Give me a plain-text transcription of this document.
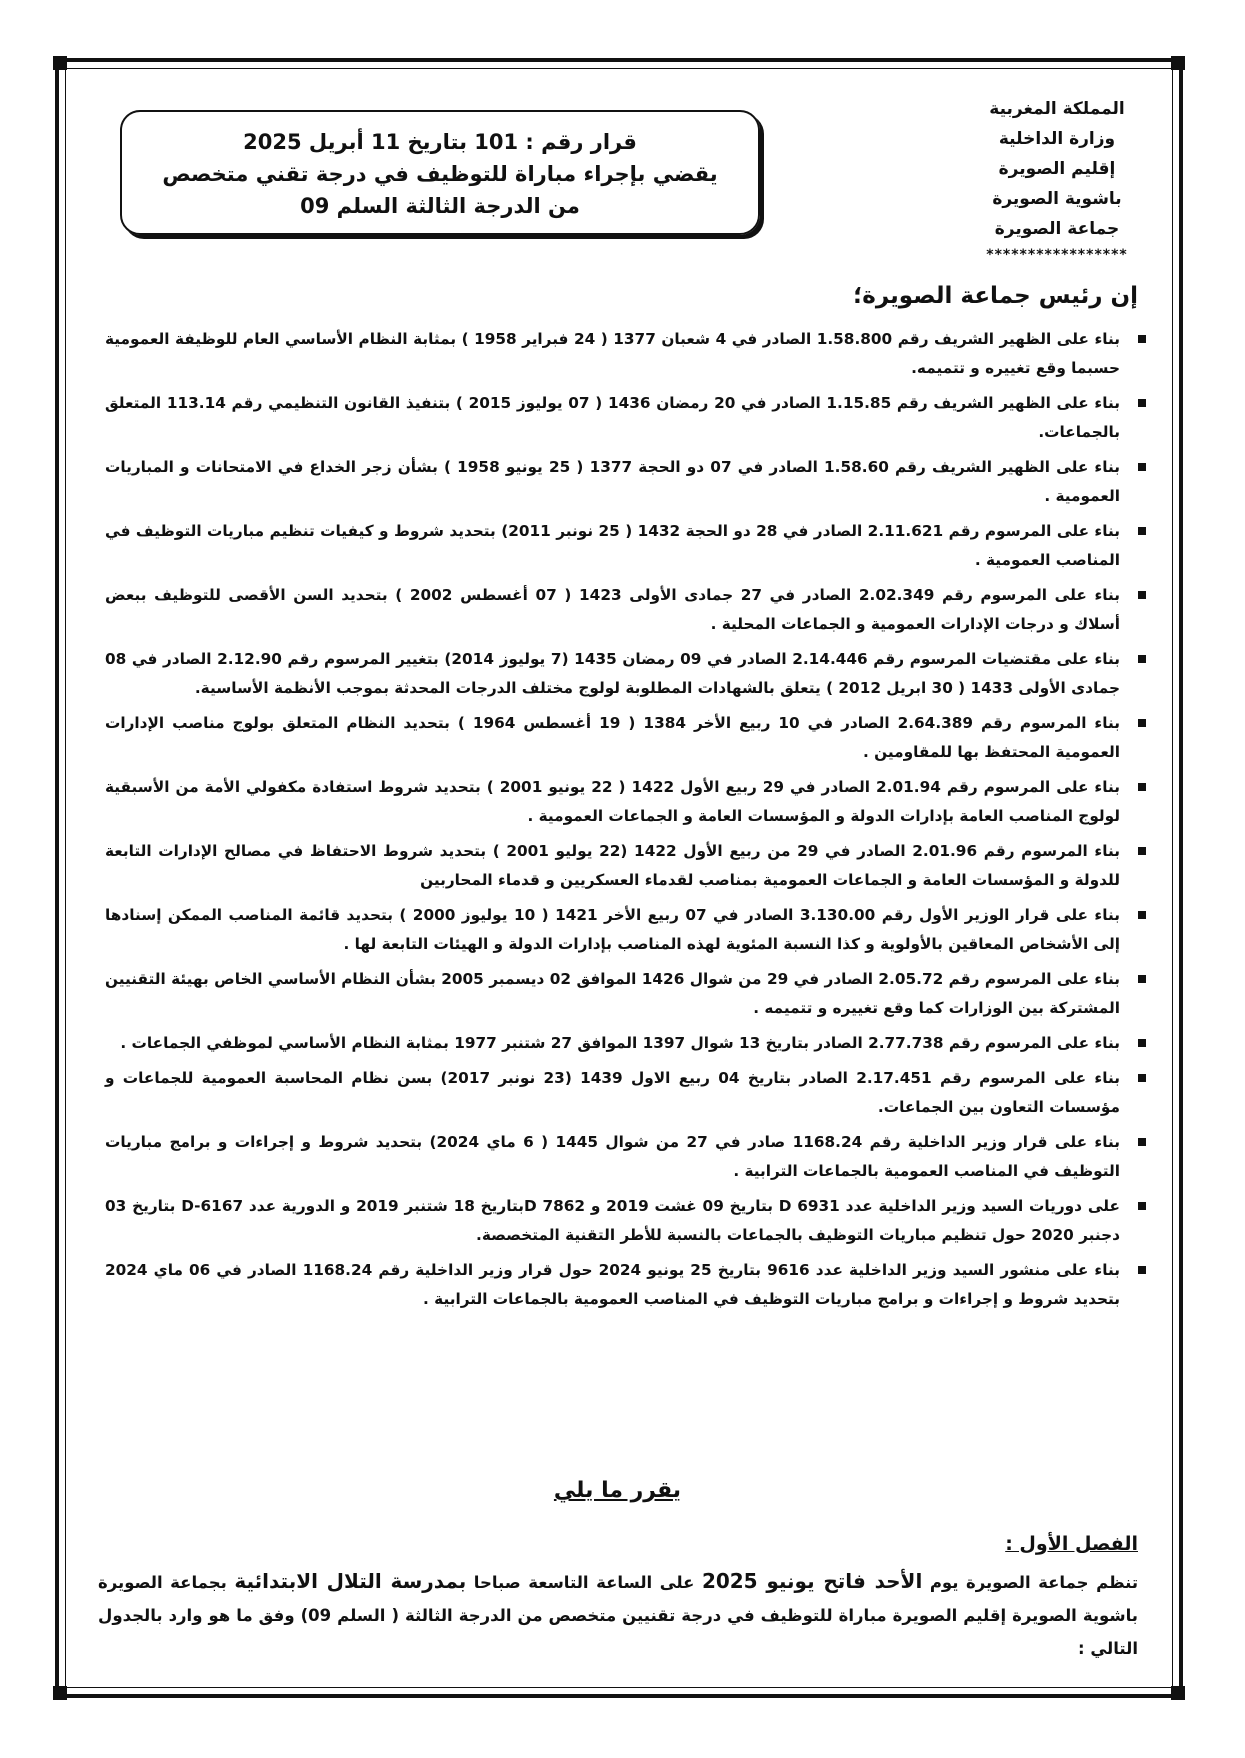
المملكة المغربية
وزارة الداخلية
إقليم الصويرة
باشوية الصويرة
جماعة الصويرة
*****************
قرار رقم : 101 بتاريخ 11 أبريل 2025
يقضي بإجراء مباراة للتوظيف في درجة تقني متخصص
من الدرجة الثالثة السلم 09
إن رئيس جماعة الصويرة؛
بناء على الظهير الشريف رقم 1.58.800 الصادر في 4 شعبان 1377 ( 24 فبراير 1958 ) بمثابة النظام الأساسي العام للوظيفة العمومية حسبما وقع تغييره و تتميمه.
بناء على الظهير الشريف رقم 1.15.85 الصادر في 20 رمضان 1436 ( 07 يوليوز 2015 ) بتنفيذ القانون التنظيمي رقم 113.14 المتعلق بالجماعات.
بناء على الظهير الشريف رقم 1.58.60 الصادر في 07 دو الحجة 1377 ( 25 يونيو 1958 ) بشأن زجر الخداع في الامتحانات و المباريات العمومية .
بناء على المرسوم رقم 2.11.621 الصادر في 28 دو الحجة 1432 ( 25 نونبر 2011) بتحديد شروط و كيفيات تنظيم مباريات التوظيف في المناصب العمومية .
بناء على المرسوم رقم 2.02.349 الصادر في 27 جمادى الأولى 1423 ( 07 أغسطس 2002 ) بتحديد السن الأقصى للتوظيف ببعض أسلاك و درجات الإدارات العمومية و الجماعات المحلية .
بناء على مقتضيات المرسوم رقم 2.14.446 الصادر في 09 رمضان 1435 (7 يوليوز 2014) بتغيير المرسوم رقم 2.12.90 الصادر في 08 جمادى الأولى 1433 ( 30 ابريل 2012 ) يتعلق بالشهادات المطلوبة لولوج مختلف الدرجات المحدثة بموجب الأنظمة الأساسية.
بناء المرسوم رقم 2.64.389 الصادر في 10 ربيع الأخر 1384 ( 19 أغسطس 1964 ) بتحديد النظام المتعلق بولوج مناصب الإدارات العمومية المحتفظ بها للمقاومين .
بناء على المرسوم رقم 2.01.94 الصادر في 29 ربيع الأول 1422 ( 22 يونيو 2001 ) بتحديد شروط استفادة مكفولي الأمة من الأسبقية لولوج المناصب العامة بإدارات الدولة و المؤسسات العامة و الجماعات العمومية .
بناء المرسوم رقم 2.01.96 الصادر في 29 من ربيع الأول 1422 (22 يوليو 2001 ) بتحديد شروط الاحتفاظ في مصالح الإدارات التابعة للدولة و المؤسسات العامة و الجماعات العمومية بمناصب لقدماء العسكريين و قدماء المحاربين
بناء على قرار الوزير الأول رقم 3.130.00 الصادر في 07 ربيع الأخر 1421 ( 10 يوليوز 2000 ) بتحديد قائمة المناصب الممكن إسنادها إلى الأشخاص المعاقين بالأولوية و كذا النسبة المئوية لهذه المناصب بإدارات الدولة و الهيئات التابعة لها .
بناء على المرسوم رقم 2.05.72 الصادر في 29 من شوال 1426 الموافق 02 ديسمبر 2005 بشأن النظام الأساسي الخاص بهيئة التقنيين المشتركة بين الوزارات كما وقع تغييره و تتميمه .
بناء على المرسوم رقم 2.77.738 الصادر بتاريخ 13 شوال 1397 الموافق 27 شتنبر 1977 بمثابة النظام الأساسي لموظفي الجماعات .
بناء على المرسوم رقم 2.17.451 الصادر بتاريخ 04 ربيع الاول 1439 (23 نونبر 2017) بسن نظام المحاسبة العمومية للجماعات و مؤسسات التعاون بين الجماعات.
بناء على قرار وزير الداخلية رقم 1168.24 صادر في 27 من شوال 1445 ( 6 ماي 2024) بتحديد شروط و إجراءات و برامج مباريات التوظيف في المناصب العمومية بالجماعات الترابية .
على دوريات السيد وزير الداخلية عدد D 6931 بتاريخ 09 غشت 2019 و 7862 Dبتاريخ 18 شتنبر 2019 و الدورية عدد D-6167 بتاريخ 03 دجنبر 2020 حول تنظيم مباريات التوظيف بالجماعات بالنسبة للأطر التقنية المتخصصة.
بناء على منشور السيد وزير الداخلية عدد 9616 بتاريخ 25 يونيو 2024 حول قرار وزير الداخلية رقم 1168.24 الصادر في 06 ماي 2024 بتحديد شروط و إجراءات و برامج مباريات التوظيف في المناصب العمومية بالجماعات الترابية .
يقرر ما يلي
الفصل الأول :
تنظم جماعة الصويرة يوم الأحد فاتح يونيو 2025 على الساعة التاسعة صباحا بمدرسة التلال الابتدائية بجماعة الصويرة باشوية الصويرة إقليم الصويرة مباراة للتوظيف في درجة تقنيين متخصص من الدرجة الثالثة ( السلم 09) وفق ما هو وارد بالجدول التالي :
